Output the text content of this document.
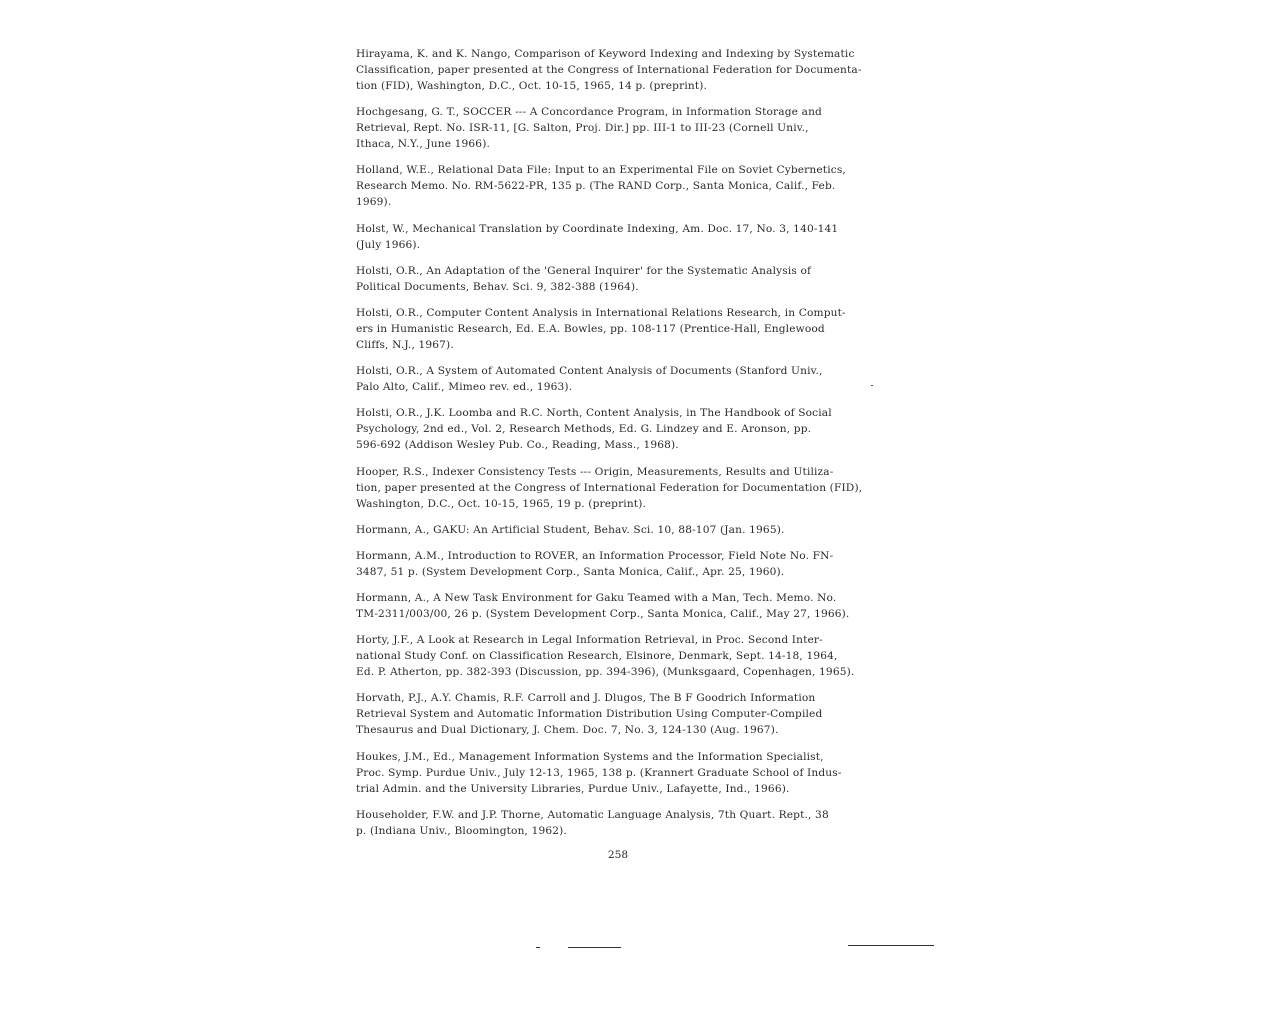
Hirayama, K. and K. Nango, Comparison of Keyword Indexing and Indexing by Systematic
Classification, paper presented at the Congress of International Federation for Documenta-
tion (FID), Washington, D.C., Oct. 10-15, 1965, 14 p. (preprint).
Hochgesang, G. T., SOCCER --- A Concordance Program, in Information Storage and
Retrieval, Rept. No. ISR-11, [G. Salton, Proj. Dir.] pp. III-1 to III-23 (Cornell Univ.,
Ithaca, N.Y., June 1966).
Holland, W.E., Relational Data File: Input to an Experimental File on Soviet Cybernetics,
Research Memo. No. RM-5622-PR, 135 p. (The RAND Corp., Santa Monica, Calif., Feb.
1969).
Holst, W., Mechanical Translation by Coordinate Indexing, Am. Doc. 17, No. 3, 140-141
(July 1966).
Holsti, O.R., An Adaptation of the 'General Inquirer' for the Systematic Analysis of
Political Documents, Behav. Sci. 9, 382-388 (1964).
Holsti, O.R., Computer Content Analysis in International Relations Research, in Comput-
ers in Humanistic Research, Ed. E.A. Bowles, pp. 108-117 (Prentice-Hall, Englewood
Cliffs, N.J., 1967).
Holsti, O.R., A System of Automated Content Analysis of Documents (Stanford Univ.,
Palo Alto, Calif., Mimeo rev. ed., 1963).
Holsti, O.R., J.K. Loomba and R.C. North, Content Analysis, in The Handbook of Social
Psychology, 2nd ed., Vol. 2, Research Methods, Ed. G. Lindzey and E. Aronson, pp.
596-692 (Addison Wesley Pub. Co., Reading, Mass., 1968).
Hooper, R.S., Indexer Consistency Tests --- Origin, Measurements, Results and Utiliza-
tion, paper presented at the Congress of International Federation for Documentation (FID),
Washington, D.C., Oct. 10-15, 1965, 19 p. (preprint).
Hormann, A., GAKU: An Artificial Student, Behav. Sci. 10, 88-107 (Jan. 1965).
Hormann, A.M., Introduction to ROVER, an Information Processor, Field Note No. FN-
3487, 51 p. (System Development Corp., Santa Monica, Calif., Apr. 25, 1960).
Hormann, A., A New Task Environment for Gaku Teamed with a Man, Tech. Memo. No.
TM-2311/003/00, 26 p. (System Development Corp., Santa Monica, Calif., May 27, 1966).
Horty, J.F., A Look at Research in Legal Information Retrieval, in Proc. Second Inter-
national Study Conf. on Classification Research, Elsinore, Denmark, Sept. 14-18, 1964,
Ed. P. Atherton, pp. 382-393 (Discussion, pp. 394-396), (Munksgaard, Copenhagen, 1965).
Horvath, P.J., A.Y. Chamis, R.F. Carroll and J. Dlugos, The B F Goodrich Information
Retrieval System and Automatic Information Distribution Using Computer-Compiled
Thesaurus and Dual Dictionary, J. Chem. Doc. 7, No. 3, 124-130 (Aug. 1967).
Houkes, J.M., Ed., Management Information Systems and the Information Specialist,
Proc. Symp. Purdue Univ., July 12-13, 1965, 138 p. (Krannert Graduate School of Indus-
trial Admin. and the University Libraries, Purdue Univ., Lafayette, Ind., 1966).
Householder, F.W. and J.P. Thorne, Automatic Language Analysis, 7th Quart. Rept., 38
p. (Indiana Univ., Bloomington, 1962).
258
